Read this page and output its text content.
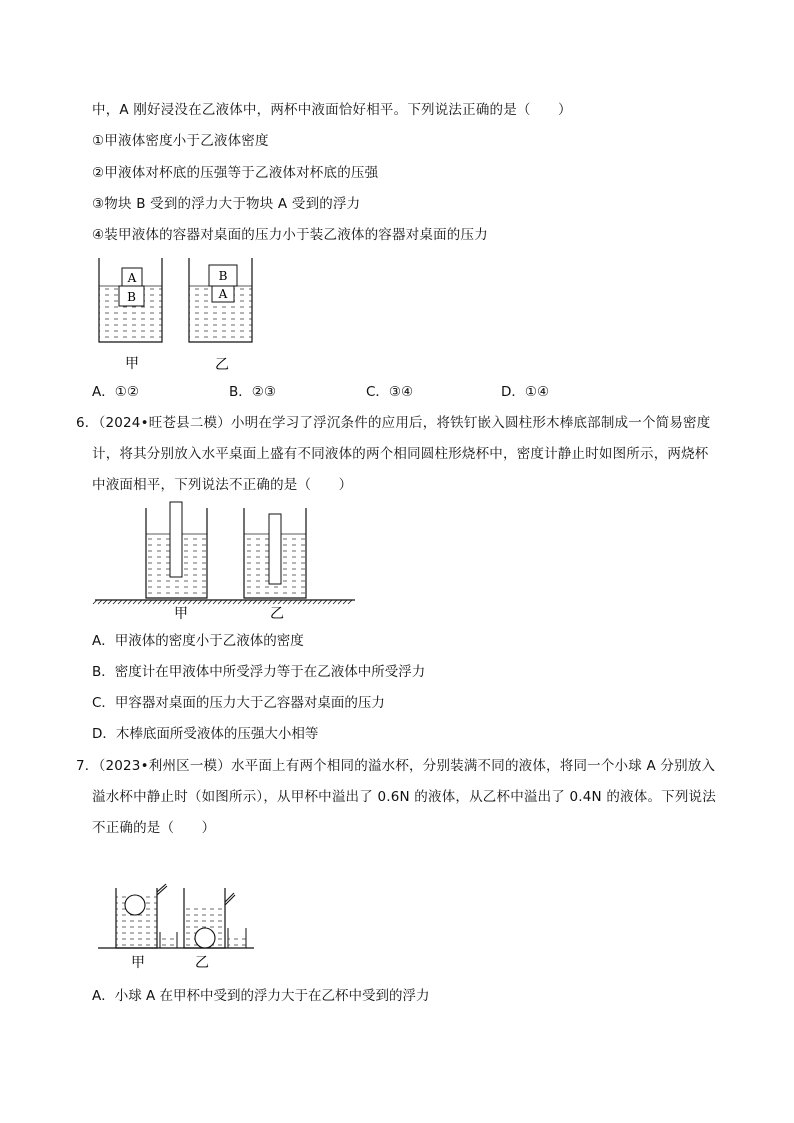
中，A 刚好浸没在乙液体中，两杯中液面恰好相平。下列说法正确的是（　　）
①甲液体密度小于乙液体密度
②甲液体对杯底的压强等于乙液体对杯底的压强
③物块 B 受到的浮力大于物块 A 受到的浮力
④装甲液体的容器对桌面的压力小于装乙液体的容器对桌面的压力
B
A
A
B
甲	乙
A．①②	B．②③	C．③④	D．①④
6．（2024•旺苍县二模）小明在学习了浮沉条件的应用后，将铁钉嵌入圆柱形木棒底部制成一个简易密度
计，将其分别放入水平桌面上盛有不同液体的两个相同圆柱形烧杯中，密度计静止时如图所示，两烧杯
中液面相平，下列说法不正确的是（　　）
甲	乙
A．甲液体的密度小于乙液体的密度
B．密度计在甲液体中所受浮力等于在乙液体中所受浮力
C．甲容器对桌面的压力大于乙容器对桌面的压力
D．木棒底面所受液体的压强大小相等
7．（2023•利州区一模）水平面上有两个相同的溢水杯，分别装满不同的液体，将同一个小球 A 分别放入
溢水杯中静止时（如图所示），从甲杯中溢出了 0.6N 的液体，从乙杯中溢出了 0.4N 的液体。下列说法
不正确的是（　　）
甲	乙
A．小球 A 在甲杯中受到的浮力大于在乙杯中受到的浮力
